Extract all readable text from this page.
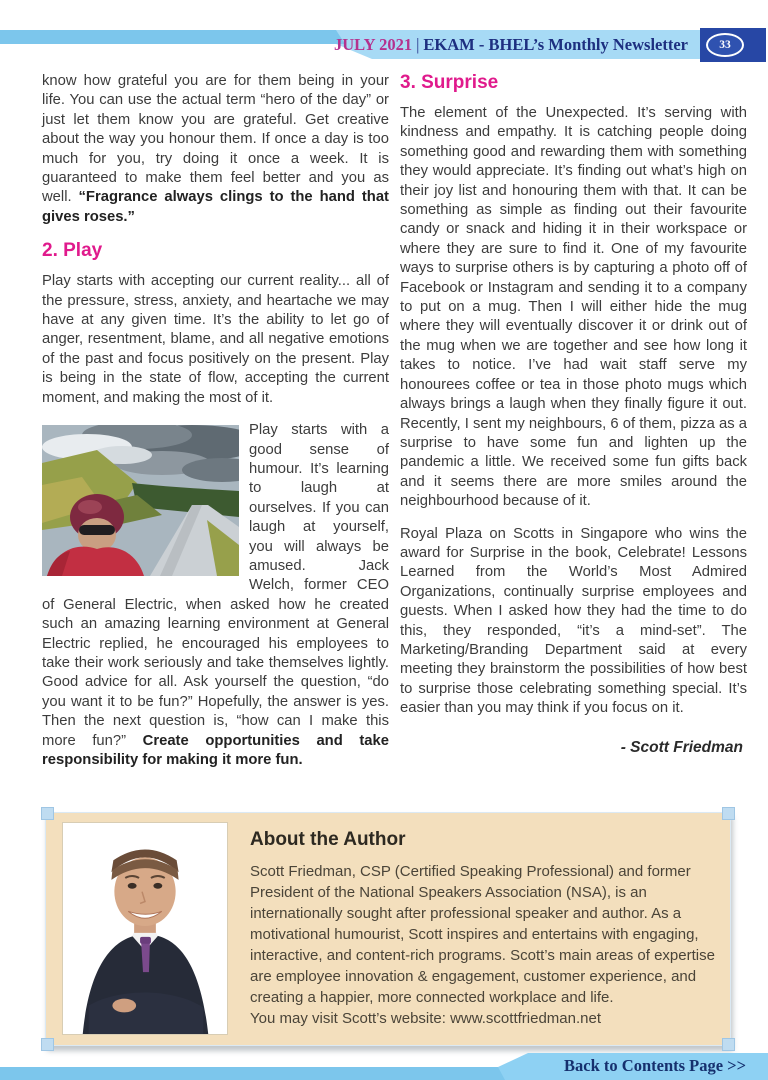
JULY 2021 | EKAM - BHEL’s Monthly Newsletter	33

know how grateful you are for them being in your life. You can use the actual term “hero of the day” or just let them know you are grateful. Get creative about the way you honour them. If once a day is too much for you, try doing it once a week. It is guaranteed to make them feel better and you as well. “Fragrance always clings to the hand that gives roses.”

2. Play

Play starts with accepting our current reality... all of the pressure, stress, anxiety, and heartache we may have at any given time. It’s the ability to let go of anger, resentment, blame, and all negative emotions of the past and focus positively on the present. Play is being in the state of flow, accepting the current moment, and making the most of it.

Play starts with a good sense of humour. It’s learning to laugh at ourselves. If you can laugh at yourself, you will always be amused. Jack Welch, former CEO of General Electric, when asked how he created such an amazing learning environment at General Electric replied, he encouraged his employees to take their work seriously and take themselves lightly. Good advice for all. Ask yourself the question, “do you want it to be fun?” Hopefully, the answer is yes. Then the next question is, “how can I make this more fun?” Create opportunities and take responsibility for making it more fun.

3. Surprise

The element of the Unexpected. It’s serving with kindness and empathy. It is catching people doing something good and rewarding them with something they would appreciate. It’s finding out what’s high on their joy list and honouring them with that. It can be something as simple as finding out their favourite candy or snack and hiding it in their workspace or where they are sure to find it. One of my favourite ways to surprise others is by capturing a photo off of Facebook or Instagram and sending it to a company to put on a mug. Then I will either hide the mug where they will eventually discover it or drink out of the mug when we are together and see how long it takes to notice. I’ve had wait staff serve my honourees coffee or tea in those photo mugs which always brings a laugh when they finally figure it out. Recently, I sent my neighbours, 6 of them, pizza as a surprise to have some fun and lighten up the pandemic a little. We received some fun gifts back and it seems there are more smiles around the neighbourhood because of it.

Royal Plaza on Scotts in Singapore who wins the award for Surprise in the book, Celebrate! Lessons Learned from the World’s Most Admired Organizations, continually surprise employees and guests. When I asked how they had the time to do this, they responded, “it’s a mind-set”. The Marketing/Branding Department said at every meeting they brainstorm the possibilities of how best to surprise those celebrating something special. It’s easier than you may think if you focus on it.

- Scott Friedman

About the Author

Scott Friedman, CSP (Certified Speaking Professional) and former President of the National Speakers Association (NSA), is an internationally sought after professional speaker and author. As a motivational humourist, Scott inspires and entertains with engaging, interactive, and content-rich programs. Scott’s main areas of expertise are employee innovation & engagement, customer experience, and creating a happier, more connected workplace and life.

You may visit Scott’s website: www.scottfriedman.net

Back to Contents Page >>
